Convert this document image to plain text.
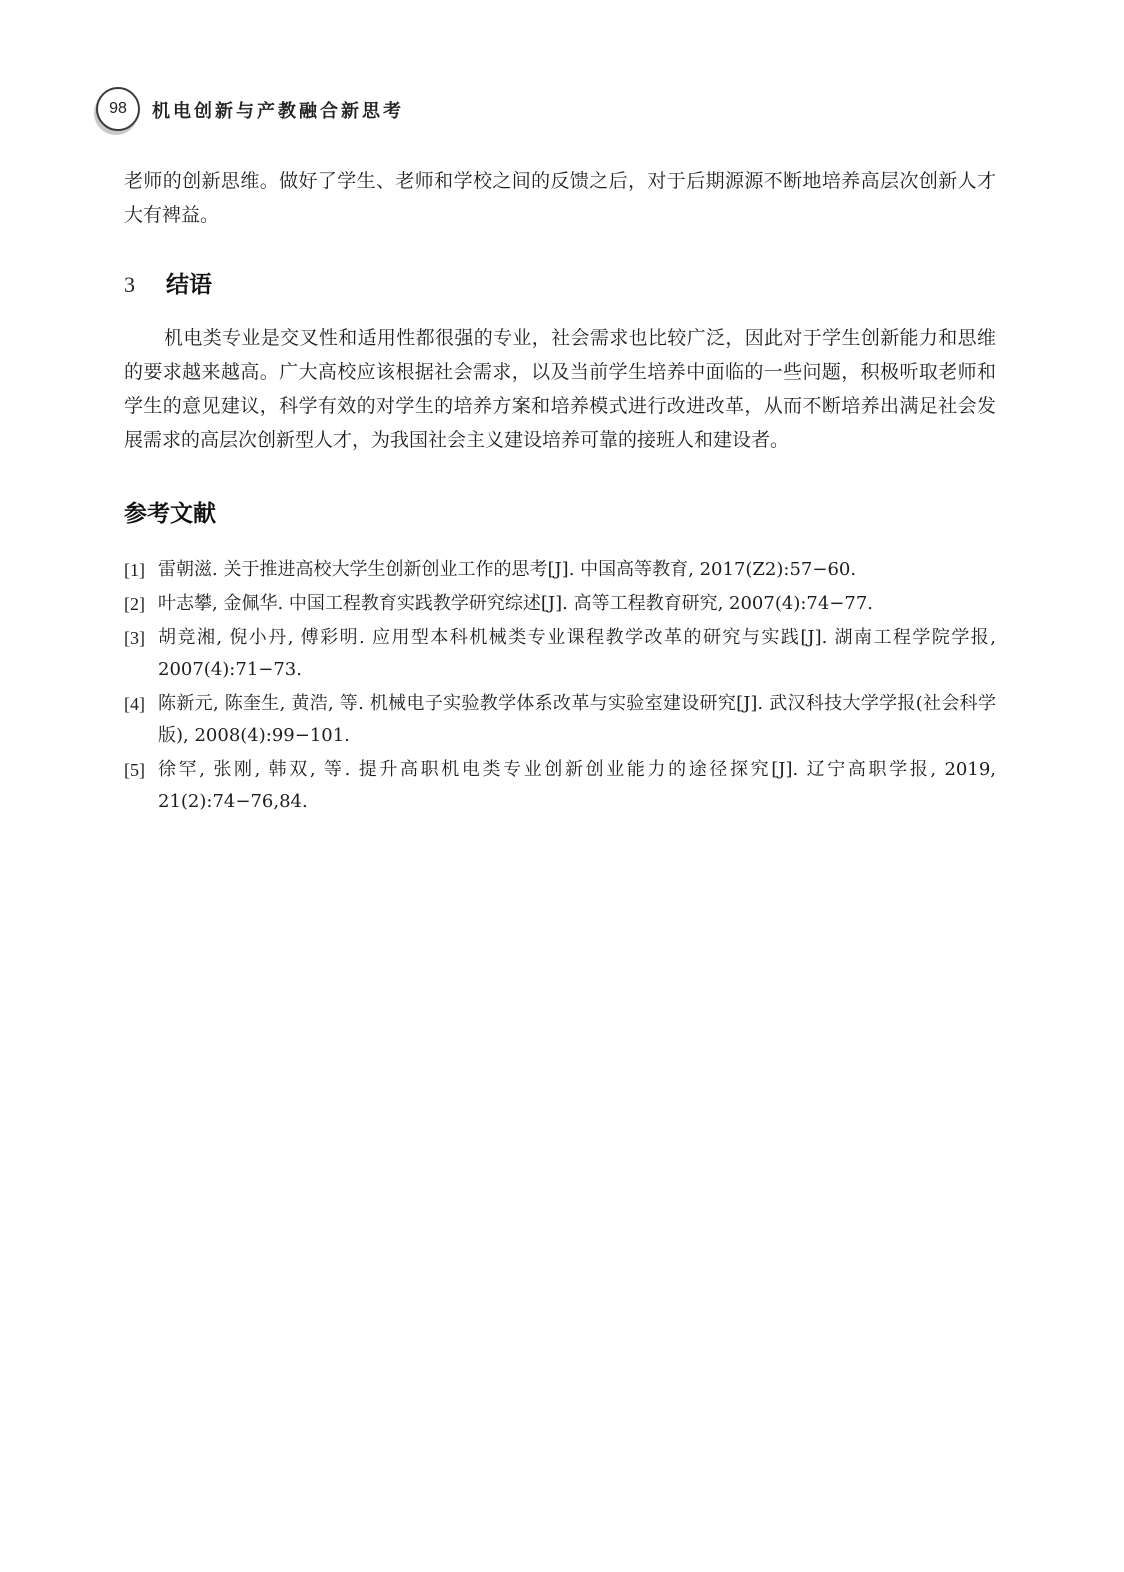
98	机电创新与产教融合新思考

老师的创新思维。做好了学生、老师和学校之间的反馈之后，对于后期源源不断地培养高层次创新人才大有裨益。

3	结语

机电类专业是交叉性和适用性都很强的专业，社会需求也比较广泛，因此对于学生创新能力和思维的要求越来越高。广大高校应该根据社会需求，以及当前学生培养中面临的一些问题，积极听取老师和学生的意见建议，科学有效的对学生的培养方案和培养模式进行改进改革，从而不断培养出满足社会发展需求的高层次创新型人才，为我国社会主义建设培养可靠的接班人和建设者。

参考文献
[1] 雷朝滋. 关于推进高校大学生创新创业工作的思考[J]. 中国高等教育, 2017(Z2):57−60.
[2] 叶志攀, 金佩华. 中国工程教育实践教学研究综述[J]. 高等工程教育研究, 2007(4):74−77.
[3] 胡竞湘, 倪小丹, 傅彩明. 应用型本科机械类专业课程教学改革的研究与实践[J]. 湖南工程学院学报, 2007(4):71−73.
[4] 陈新元, 陈奎生, 黄浩, 等. 机械电子实验教学体系改革与实验室建设研究[J]. 武汉科技大学学报(社会科学版), 2008(4):99−101.
[5] 徐罕, 张刚, 韩双, 等. 提升高职机电类专业创新创业能力的途径探究[J]. 辽宁高职学报, 2019, 21(2):74−76,84.
